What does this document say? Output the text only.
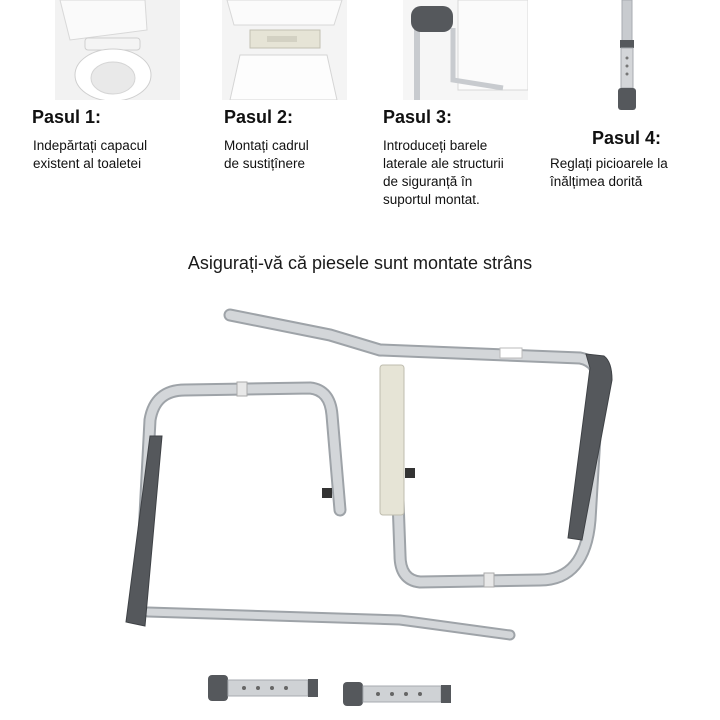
Pasul 1:
Indepărtați capacul
existent al toaletei
Pasul 2:
Montați cadrul
de sustițînere
Pasul 3:
Introduceți barele
laterale ale structurii
de siguranță în
suportul montat.
Pasul 4:
Reglați picioarele la
înălțimea dorită
Asigurați-vă că piesele sunt montate strâns
